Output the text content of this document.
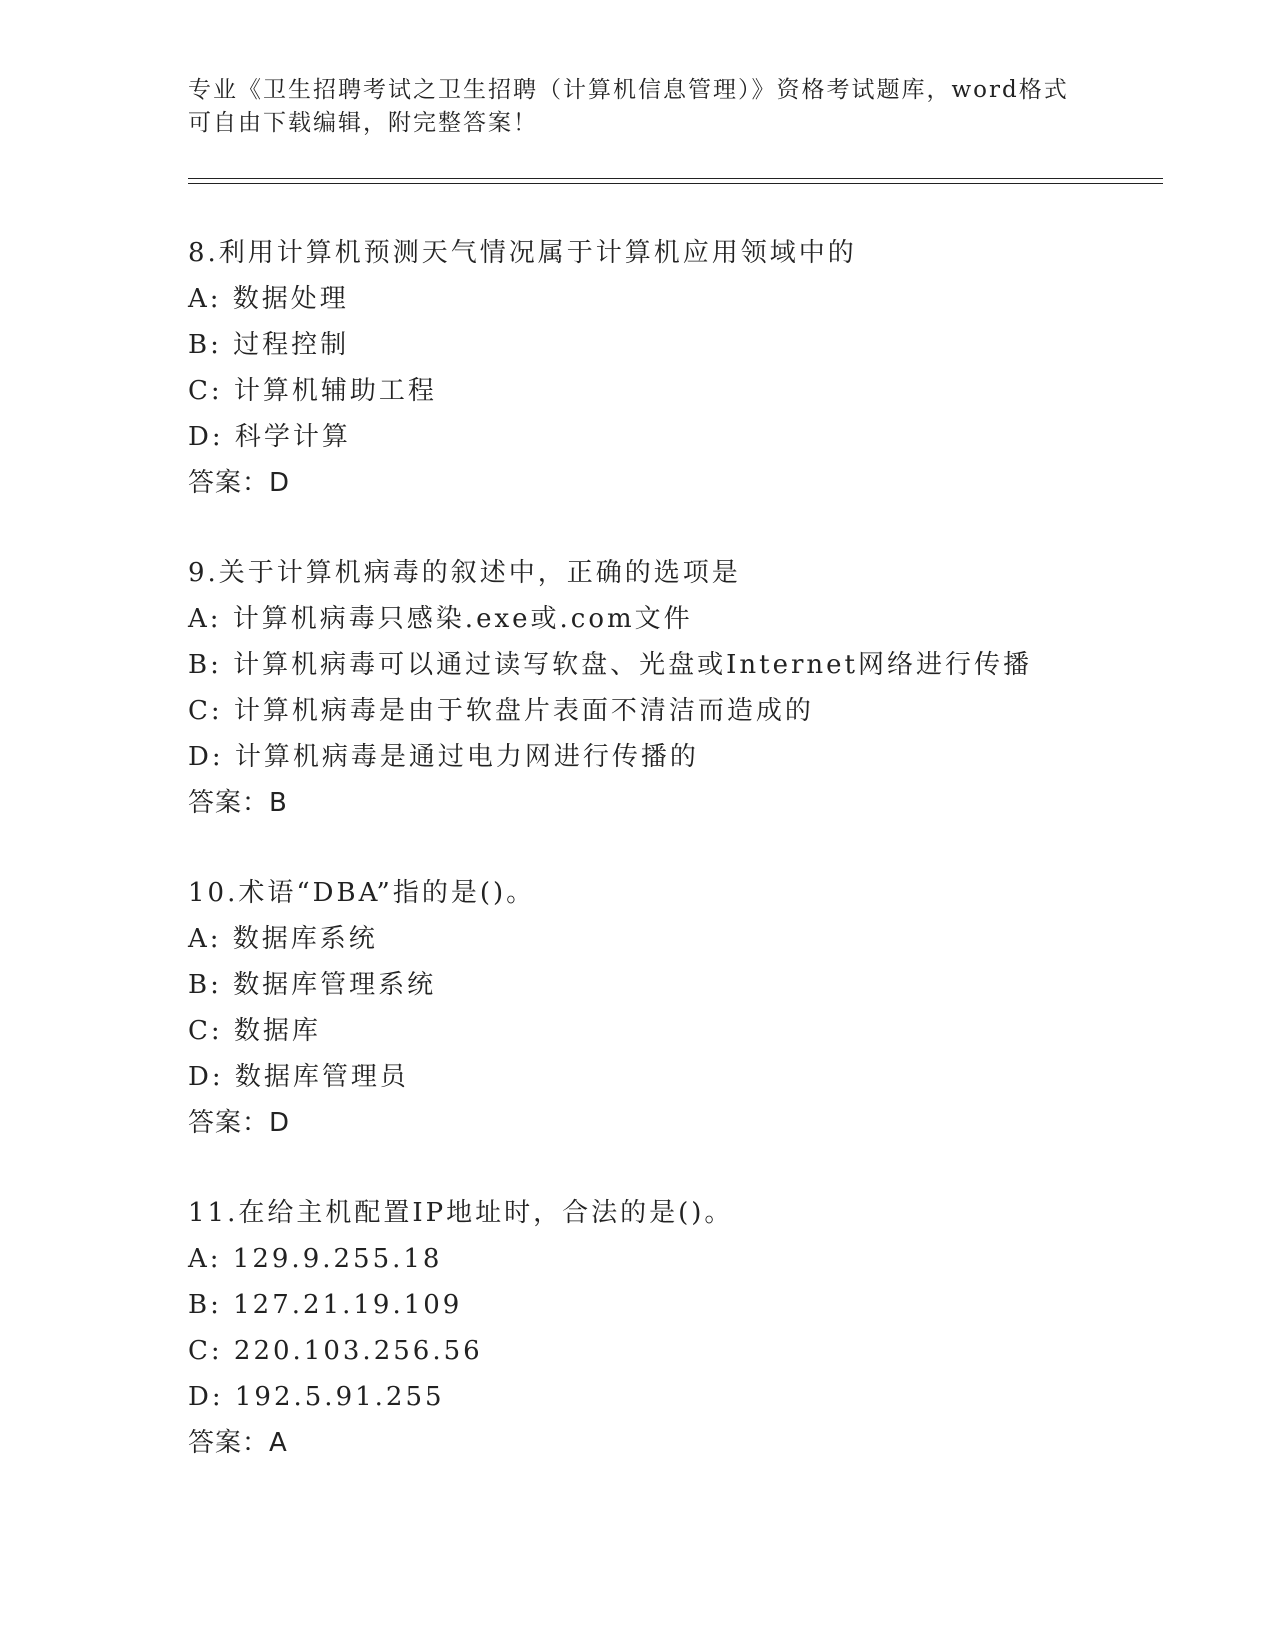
专业《卫生招聘考试之卫生招聘（计算机信息管理）》资格考试题库，word格式
可自由下载编辑，附完整答案！
8.利用计算机预测天气情况属于计算机应用领域中的
A: 数据处理
B: 过程控制
C: 计算机辅助工程
D: 科学计算
答案：D
9.关于计算机病毒的叙述中，正确的选项是
A: 计算机病毒只感染.exe或.com文件
B: 计算机病毒可以通过读写软盘、光盘或Internet网络进行传播
C: 计算机病毒是由于软盘片表面不清洁而造成的
D: 计算机病毒是通过电力网进行传播的
答案：B
10.术语“DBA”指的是()。
A: 数据库系统
B: 数据库管理系统
C: 数据库
D: 数据库管理员
答案：D
11.在给主机配置IP地址时，合法的是()。
A: 129.9.255.18
B: 127.21.19.109
C: 220.103.256.56
D: 192.5.91.255
答案：A
